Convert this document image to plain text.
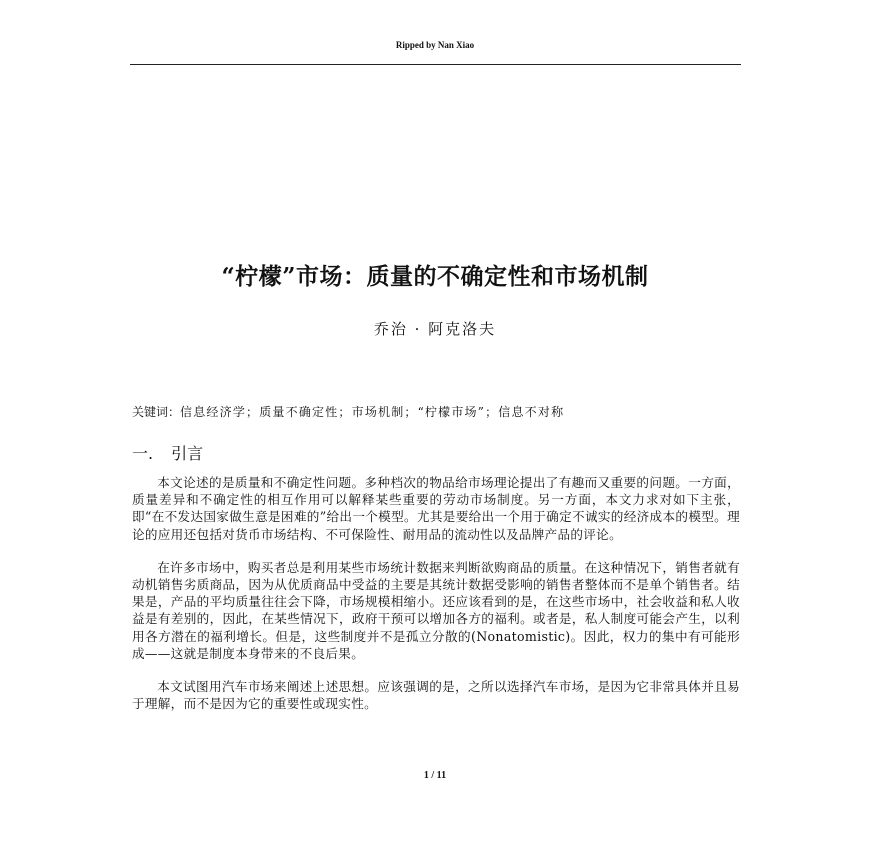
Ripped by Nan Xiao
“柠檬”市场：质量的不确定性和市场机制
乔治 · 阿克洛夫
关键词：信息经济学；质量不确定性；市场机制；“柠檬市场”；信息不对称
一. 引言

本文论述的是质量和不确定性问题。多种档次的物品给市场理论提出了有趣而又重要的问题。一方面，质量差异和不确定性的相互作用可以解释某些重要的劳动市场制度。另一方面，本文力求对如下主张，即“在不发达国家做生意是困难的”给出一个模型。尤其是要给出一个用于确定不诚实的经济成本的模型。理论的应用还包括对货币市场结构、不可保险性、耐用品的流动性以及品牌产品的评论。

在许多市场中，购买者总是利用某些市场统计数据来判断欲购商品的质量。在这种情况下，销售者就有动机销售劣质商品，因为从优质商品中受益的主要是其统计数据受影响的销售者整体而不是单个销售者。结果是，产品的平均质量往往会下降，市场规模相缩小。还应该看到的是，在这些市场中，社会收益和私人收益是有差别的，因此，在某些情况下，政府干预可以增加各方的福利。或者是，私人制度可能会产生，以利用各方潜在的福利增长。但是，这些制度并不是孤立分散的(Nonatomistic)。因此，权力的集中有可能形成——这就是制度本身带来的不良后果。

本文试图用汽车市场来阐述上述思想。应该强调的是，之所以选择汽车市场，是因为它非常具体并且易于理解，而不是因为它的重要性或现实性。

1 / 11
